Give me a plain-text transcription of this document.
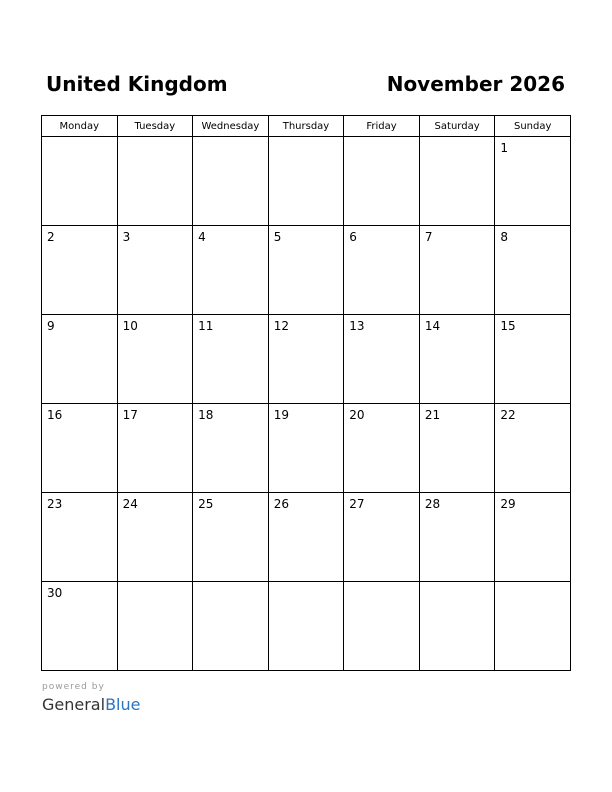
United Kingdom	November 2026
Monday	Tuesday	Wednesday	Thursday	Friday	Saturday	Sunday

						1

2	3	4	5	6	7	8

9	10	11	12	13	14	15

16	17	18	19	20	21	22

23	24	25	26	27	28	29

30						

powered by
GeneralBlue
